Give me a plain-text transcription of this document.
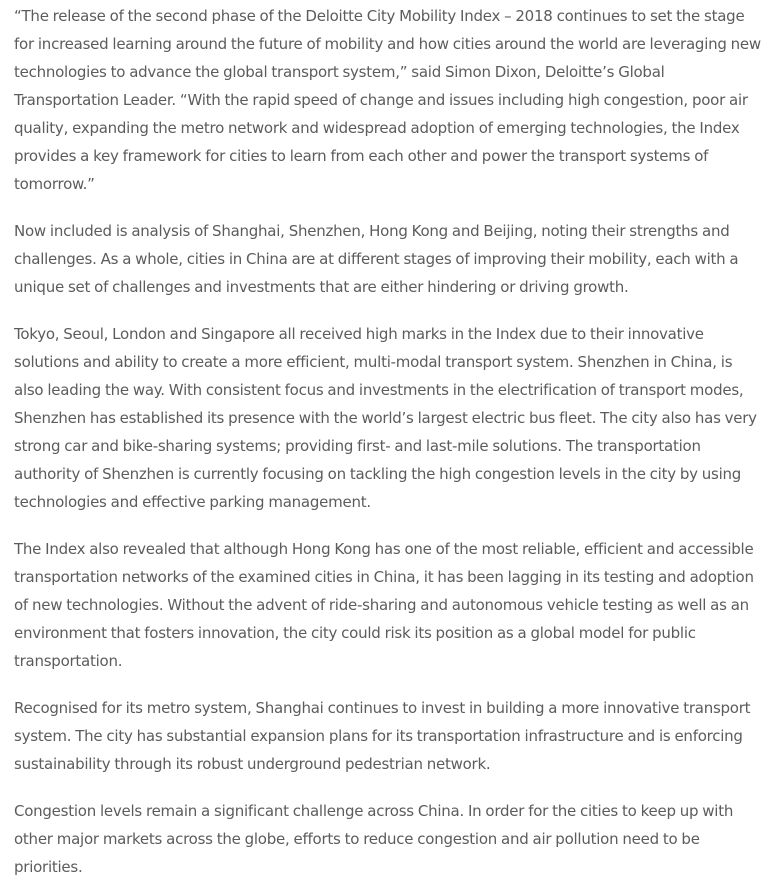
“The release of the second phase of the Deloitte City Mobility Index – 2018 continues to set the stage for increased learning around the future of mobility and how cities around the world are leveraging new technologies to advance the global transport system,” said Simon Dixon, Deloitte’s Global Transportation Leader. “With the rapid speed of change and issues including high congestion, poor air quality, expanding the metro network and widespread adoption of emerging technologies, the Index provides a key framework for cities to learn from each other and power the transport systems of tomorrow.”

Now included is analysis of Shanghai, Shenzhen, Hong Kong and Beijing, noting their strengths and challenges. As a whole, cities in China are at different stages of improving their mobility, each with a unique set of challenges and investments that are either hindering or driving growth.

Tokyo, Seoul, London and Singapore all received high marks in the Index due to their innovative solutions and ability to create a more efficient, multi-modal transport system. Shenzhen in China, is also leading the way. With consistent focus and investments in the electrification of transport modes, Shenzhen has established its presence with the world’s largest electric bus fleet. The city also has very strong car and bike-sharing systems; providing first- and last-mile solutions. The transportation authority of Shenzhen is currently focusing on tackling the high congestion levels in the city by using technologies and effective parking management.

The Index also revealed that although Hong Kong has one of the most reliable, efficient and accessible transportation networks of the examined cities in China, it has been lagging in its testing and adoption of new technologies. Without the advent of ride-sharing and autonomous vehicle testing as well as an environment that fosters innovation, the city could risk its position as a global model for public transportation.

Recognised for its metro system, Shanghai continues to invest in building a more innovative transport system. The city has substantial expansion plans for its transportation infrastructure and is enforcing sustainability through its robust underground pedestrian network.

Congestion levels remain a significant challenge across China. In order for the cities to keep up with other major markets across the globe, efforts to reduce congestion and air pollution need to be priorities.
